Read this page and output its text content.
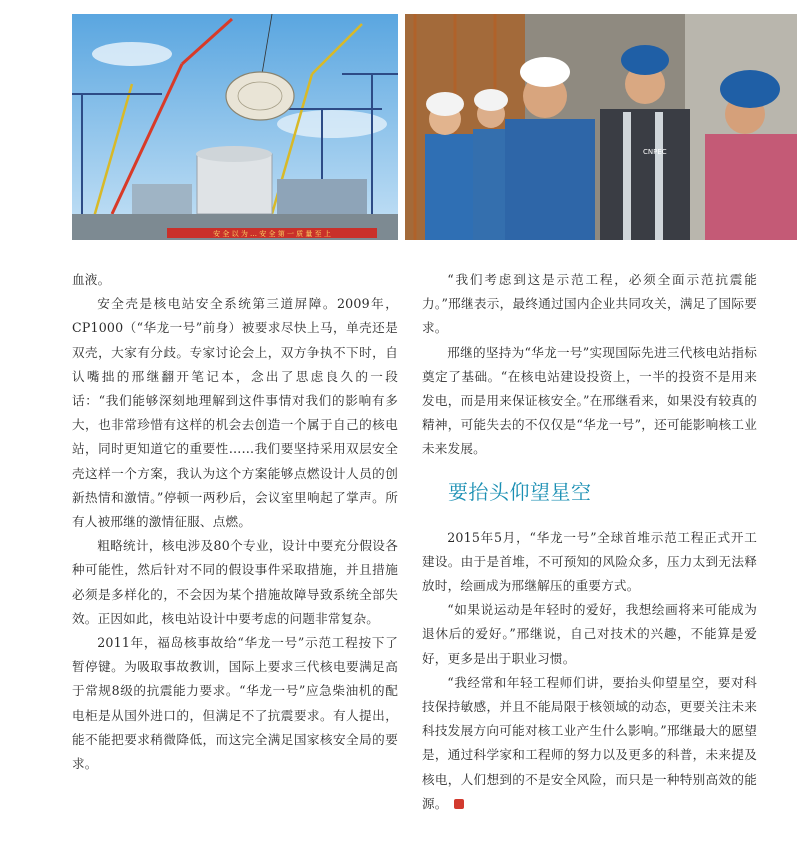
安 全 以 为 … 安 全 第 一 质 量 至 上
CNPEC

血液。

安全壳是核电站安全系统第三道屏障。2009年，CP1000（“华龙一号”前身）被要求尽快上马，单壳还是双壳，大家有分歧。专家讨论会上，双方争执不下时，自认嘴拙的邢继翻开笔记本，念出了思虑良久的一段话：“我们能够深刻地理解到这件事情对我们的影响有多大，也非常珍惜有这样的机会去创造一个属于自己的核电站，同时更知道它的重要性……我们要坚持采用双层安全壳这样一个方案，我认为这个方案能够点燃设计人员的创新热情和激情。”停顿一两秒后，会议室里响起了掌声。所有人被邢继的激情征服、点燃。

粗略统计，核电涉及80个专业，设计中要充分假设各种可能性，然后针对不同的假设事件采取措施，并且措施必须是多样化的，不会因为某个措施故障导致系统全部失效。正因如此，核电站设计中要考虑的问题非常复杂。

2011年，福岛核事故给“华龙一号”示范工程按下了暂停键。为吸取事故教训，国际上要求三代核电要满足高于常规8级的抗震能力要求。“华龙一号”应急柴油机的配电柜是从国外进口的，但满足不了抗震要求。有人提出，能不能把要求稍微降低，而这完全满足国家核安全局的要求。

“我们考虑到这是示范工程，必须全面示范抗震能力。”邢继表示，最终通过国内企业共同攻关，满足了国际要求。

邢继的坚持为“华龙一号”实现国际先进三代核电站指标奠定了基础。“在核电站建设投资上，一半的投资不是用来发电，而是用来保证核安全。”在邢继看来，如果没有较真的精神，可能失去的不仅仅是“华龙一号”，还可能影响核工业未来发展。

要抬头仰望星空

2015年5月，“华龙一号”全球首堆示范工程正式开工建设。由于是首堆，不可预知的风险众多，压力太到无法释放时，绘画成为邢继解压的重要方式。

“如果说运动是年轻时的爱好，我想绘画将来可能成为退休后的爱好。”邢继说，自己对技术的兴趣，不能算是爱好，更多是出于职业习惯。

“我经常和年轻工程师们讲，要抬头仰望星空，要对科技保持敏感，并且不能局限于核领域的动态，更要关注未来科技发展方向可能对核工业产生什么影响。”邢继最大的愿望是，通过科学家和工程师的努力以及更多的科普，未来提及核电，人们想到的不是安全风险，而只是一种特别高效的能源。
